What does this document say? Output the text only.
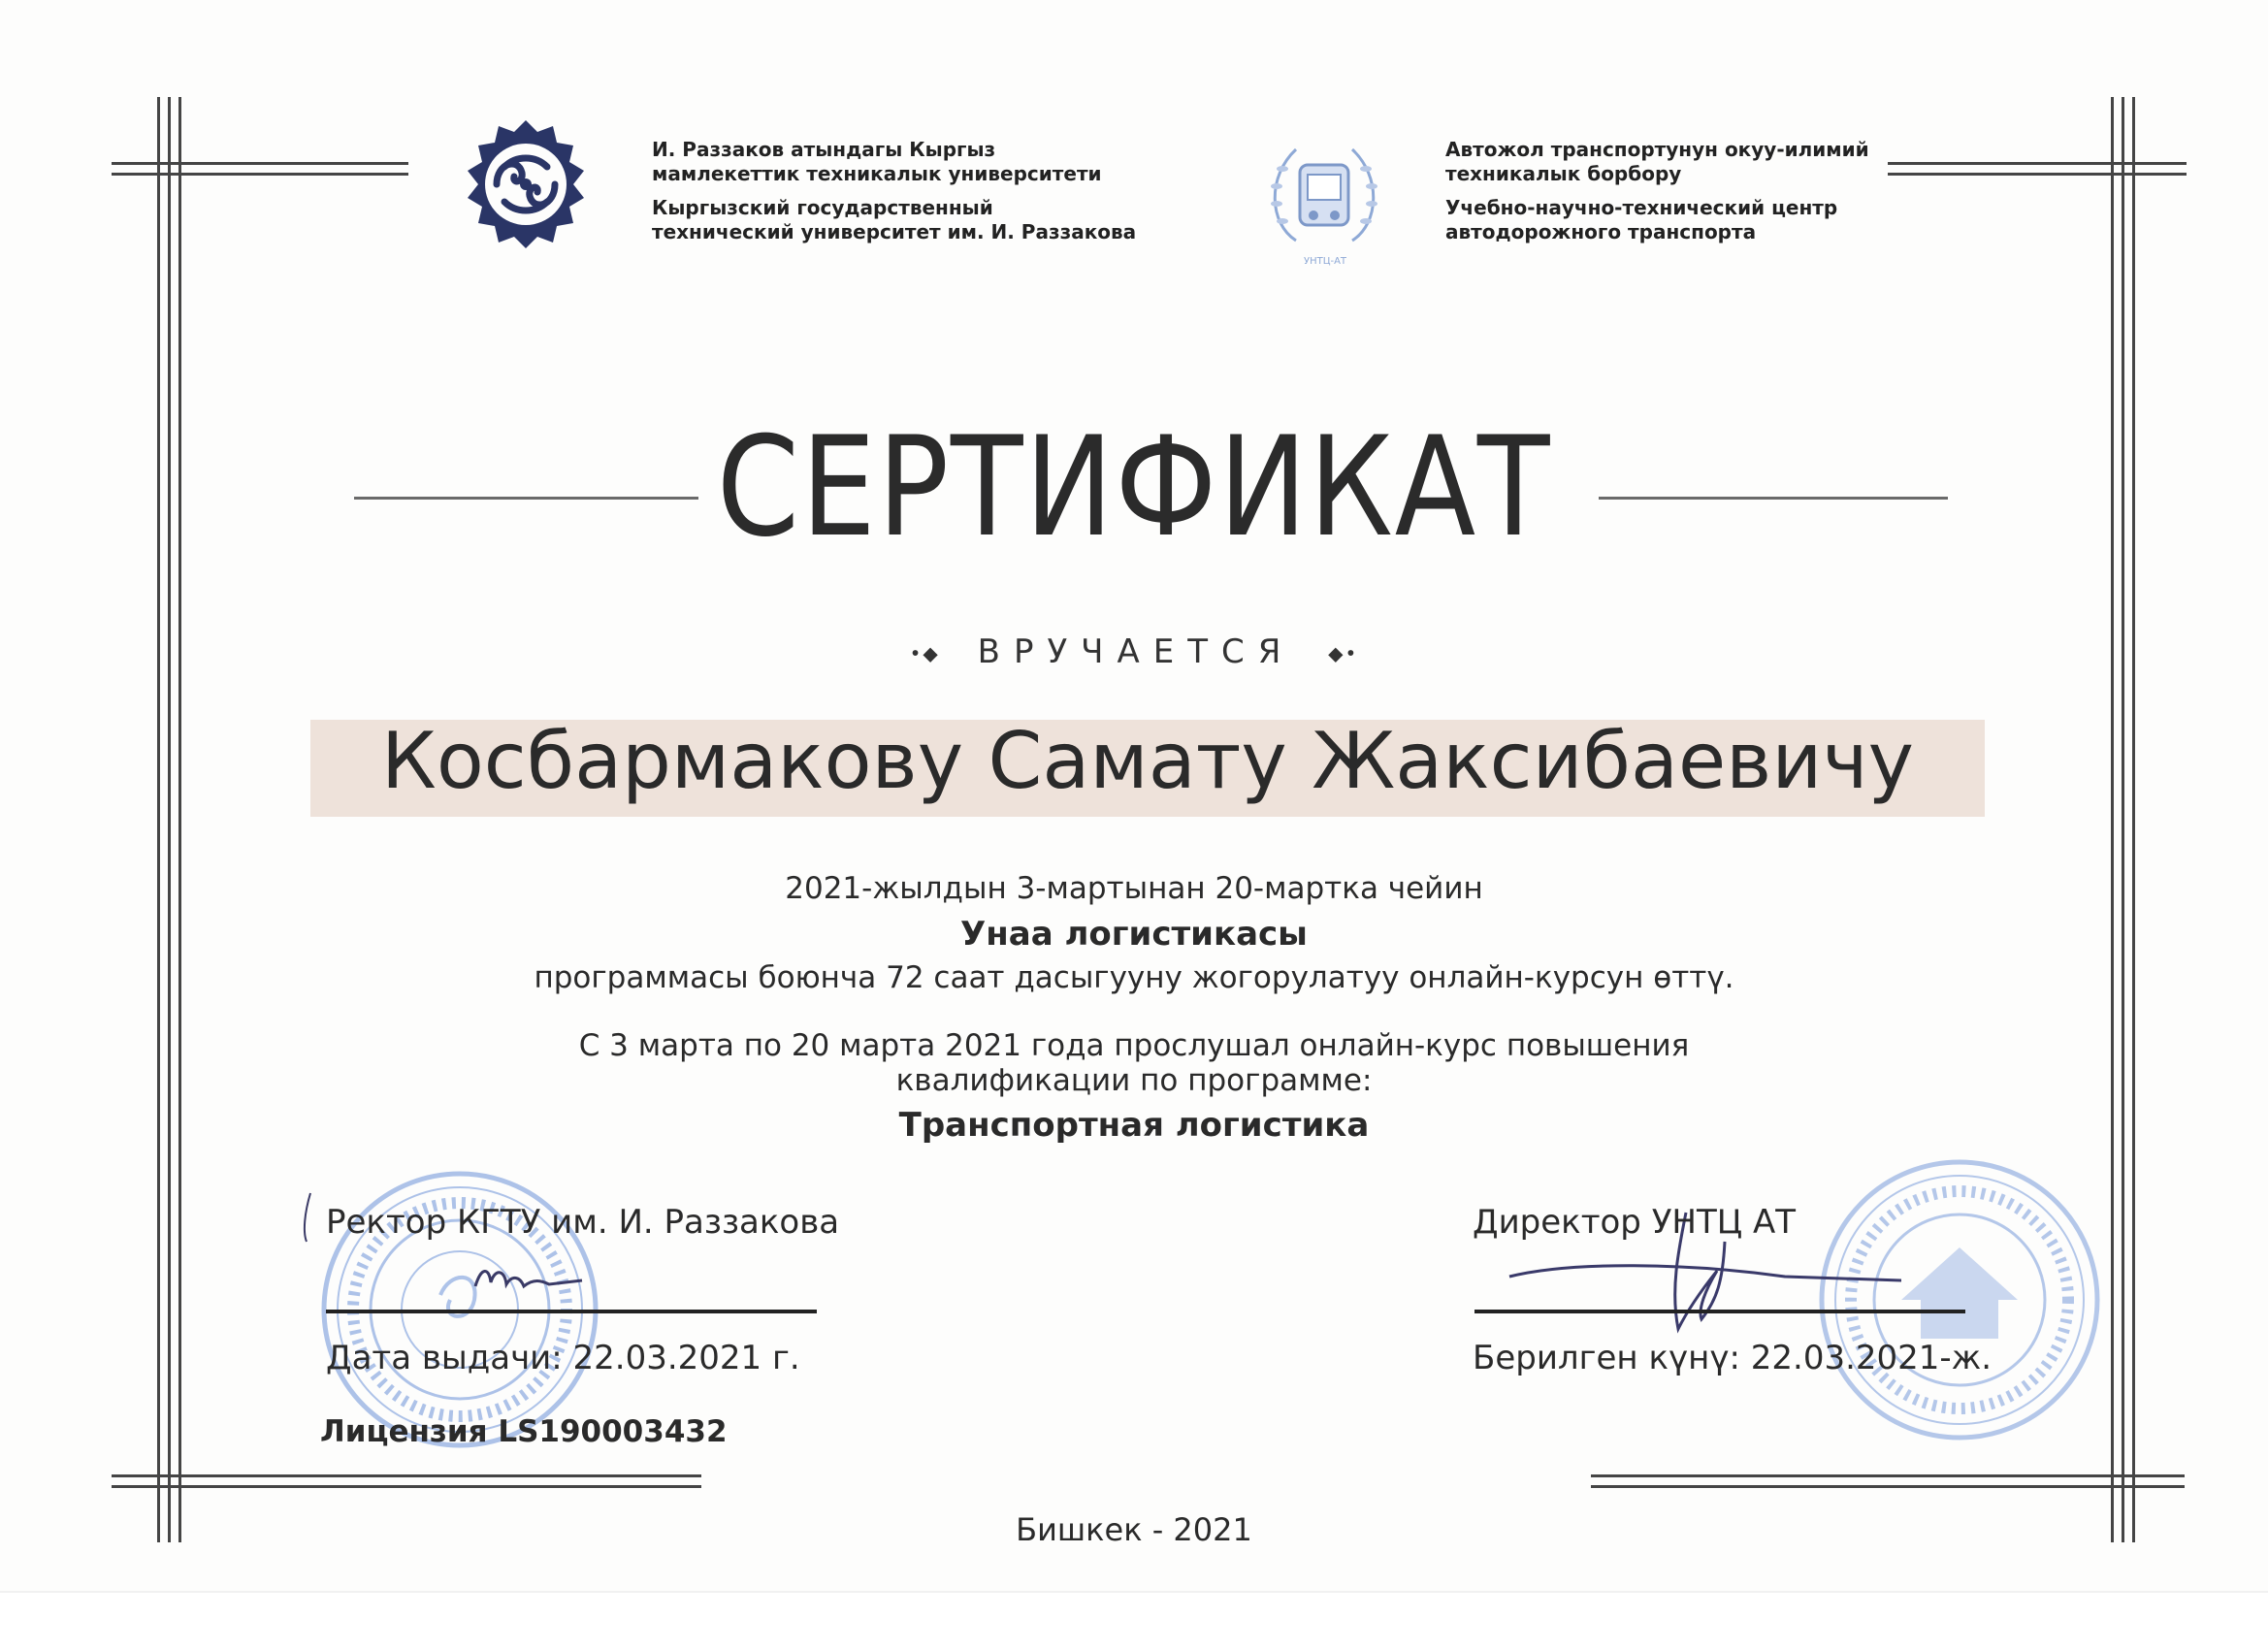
И. Раззаков атындагы Кыргыз мамлекеттик техникалык университети

Кыргызский государственный технический университет им. И. Раззакова

УНТЦ-АТ

Автожол транспортунун окуу-илимий техникалык борбору

Учебно-научно-технический центр автодорожного транспорта

СЕРТИФИКАТ
•◆ ВРУЧАЕТСЯ ◆•
Косбармакову Самату Жаксибаевичу
2021-жылдын 3-мартынан 20-мартка чейин
Унаа логистикасы
программасы боюнча 72 саат дасыгууну жогорулатуу онлайн-курсун өттү.
С 3 марта по 20 марта 2021 года прослушал онлайн-курс повышения
квалификации по программе:
Транспортная логистика
Ректор КГТУ им. И. Раззакова
Дата выдачи: 22.03.2021 г.
Лицензия LS190003432
Директор УНТЦ АТ
Берилген күнү: 22.03.2021-ж.
Бишкек - 2021
